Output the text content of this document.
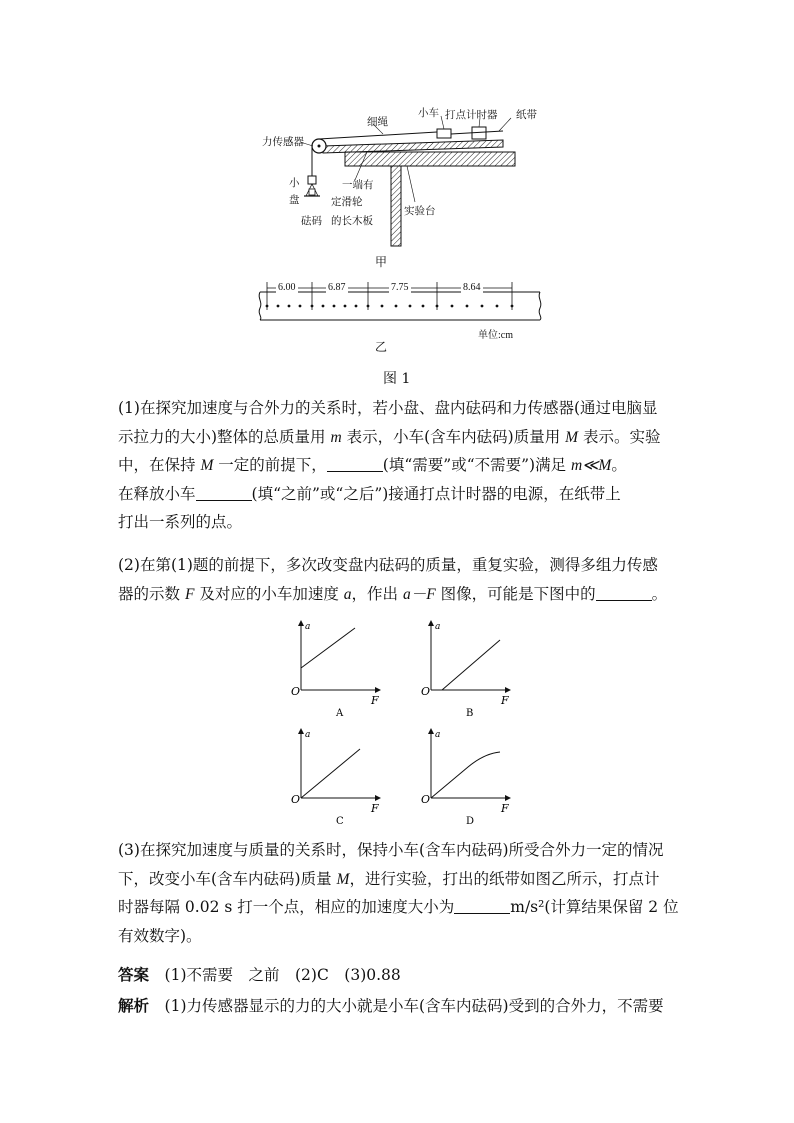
细绳
小车 打点计时器 纸带
力传感器
小
盘
砝码
一端有
定滑轮
的长木板
实验台
甲
6.00	6.87	7.75	8.64
单位:cm
乙
图 1
(1)在探究加速度与合外力的关系时，若小盘、盘内砝码和力传感器(通过电脑显
示拉力的大小)整体的总质量用 m 表示，小车(含车内砝码)质量用 M 表示。实验
中，在保持 M 一定的前提下，	(填“需要”或“不需要”)满足 m≪M。
在释放小车	(填“之前”或“之后”)接通打点计时器的电源，在纸带上
打出一系列的点。
(2)在第(1)题的前提下，多次改变盘内砝码的质量，重复实验，测得多组力传感
器的示数 F 及对应的小车加速度 a，作出 a－F 图像，可能是下图中的	。
a
F
O
A
a
F
O
B
a
F
O
C
a
F
O
D
(3)在探究加速度与质量的关系时，保持小车(含车内砝码)所受合外力一定的情况
下，改变小车(含车内砝码)质量 M，进行实验，打出的纸带如图乙所示，打点计
时器每隔 0.02 s 打一个点，相应的加速度大小为	m/s²(计算结果保留 2 位
有效数字)。
答案　 (1)不需要　之前　(2)C　(3)0.88
解析　 (1)力传感器显示的力的大小就是小车(含车内砝码)受到的合外力，不需要
